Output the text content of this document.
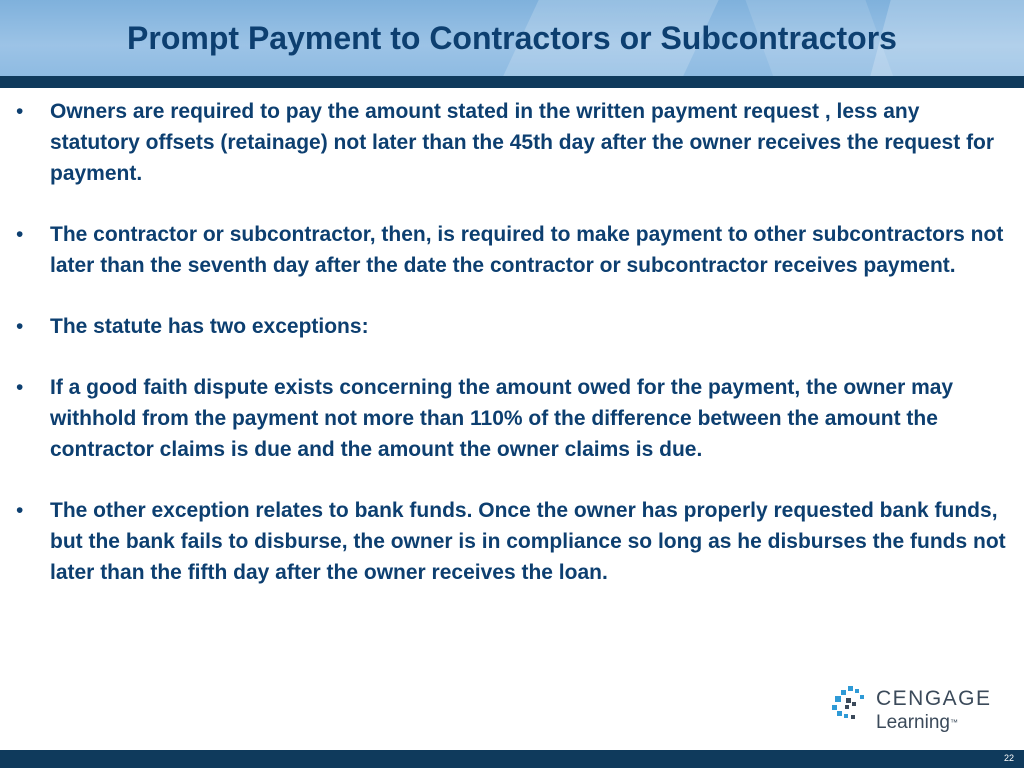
Prompt Payment to Contractors or Subcontractors
• Owners are required to pay the amount stated in the written payment request , less any statutory offsets (retainage) not later than the 45th day after the owner receives the request for payment.
• The contractor or subcontractor, then, is required to make payment to other subcontractors not later than the seventh day after the date the contractor or subcontractor receives payment.
• The statute has two exceptions:
• If a good faith dispute exists concerning the amount owed for the payment, the owner may withhold from the payment not more than 110% of the difference between the amount the contractor claims is due and the amount the owner claims is due.
• The other exception relates to bank funds. Once the owner has properly requested bank funds, but the bank fails to disburse, the owner is in compliance so long as he disburses the funds not later than the fifth day after the owner receives the loan.
CENGAGE
Learning™
22
